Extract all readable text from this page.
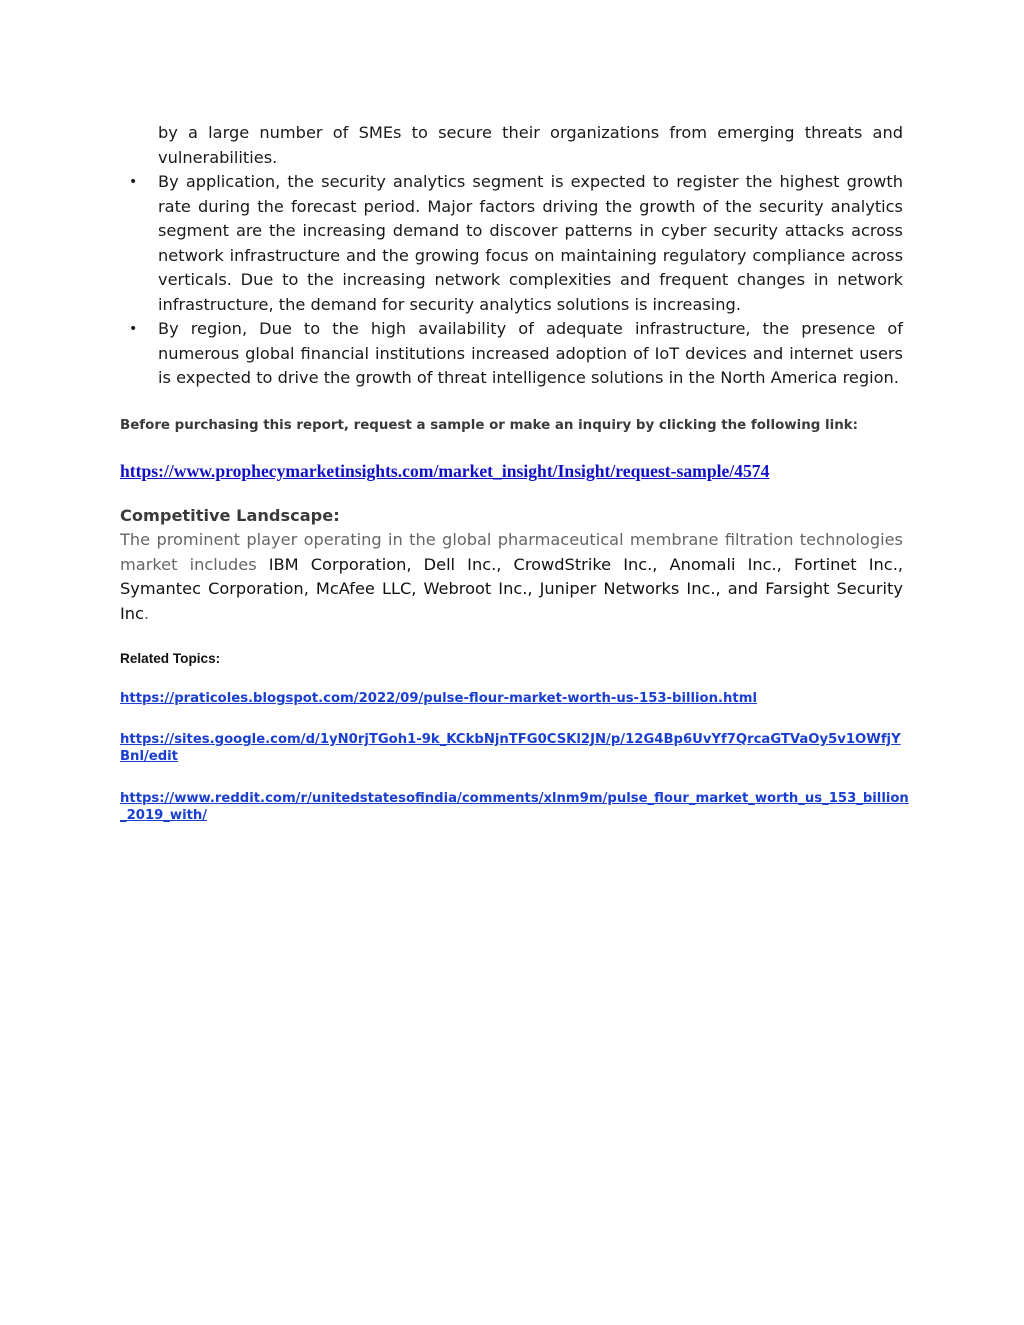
by a large number of SMEs to secure their organizations from emerging threats and vulnerabilities.

• By application, the security analytics segment is expected to register the highest growth rate during the forecast period. Major factors driving the growth of the security analytics segment are the increasing demand to discover patterns in cyber security attacks across network infrastructure and the growing focus on maintaining regulatory compliance across verticals. Due to the increasing network complexities and frequent changes in network infrastructure, the demand for security analytics solutions is increasing.
• By region, Due to the high availability of adequate infrastructure, the presence of numerous global financial institutions increased adoption of IoT devices and internet users is expected to drive the growth of threat intelligence solutions in the North America region.
Before purchasing this report, request a sample or make an inquiry by clicking the following link:
https://www.prophecymarketinsights.com/market_insight/Insight/request-sample/4574
Competitive Landscape:

The prominent player operating in the global pharmaceutical membrane filtration technologies market includes IBM Corporation, Dell Inc., CrowdStrike Inc., Anomali Inc., Fortinet Inc., Symantec Corporation, McAfee LLC, Webroot Inc., Juniper Networks Inc., and Farsight Security Inc.

Related Topics:
https://praticoles.blogspot.com/2022/09/pulse-flour-market-worth-us-153-billion.html
https://sites.google.com/d/1yN0rjTGoh1-9k_KCkbNjnTFG0CSKl2JN/p/12G4Bp6UvYf7QrcaGTVaOy5v1OWfjYBnl/edit
https://www.reddit.com/r/unitedstatesofindia/comments/xlnm9m/pulse_flour_market_worth_us_153_billion_2019_with/
